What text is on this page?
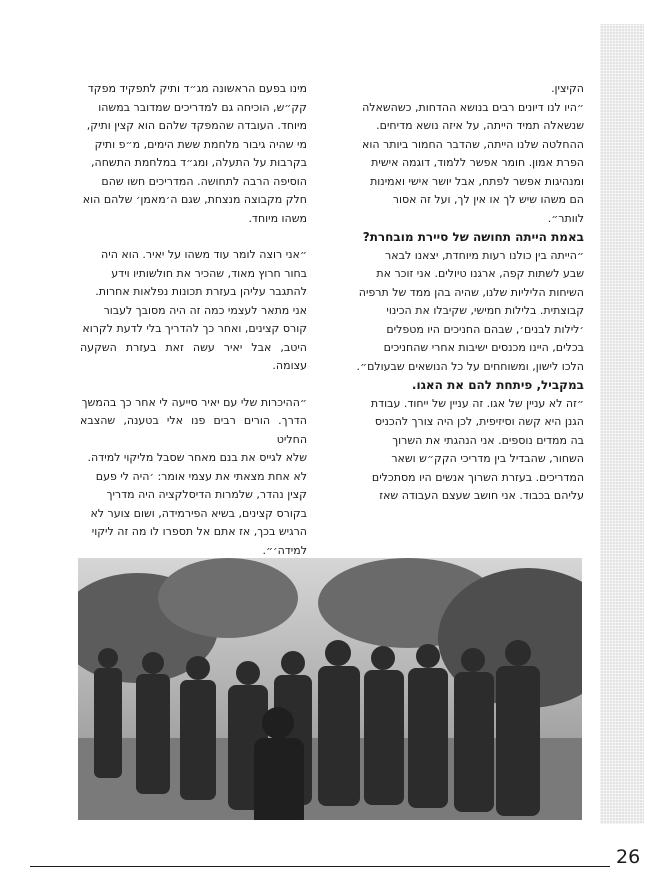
הקיצין.

״היו לנו דיונים רבים בנושא ההדחות, כשהשאלה

שנשאלה תמיד הייתה, על איזה נושא מדיחים.

ההחלטה שלנו הייתה, שהדבר החמור ביותר הוא

הפרת אמון. חומר אפשר ללמוד, דוגמה אישית

ומנהיגות אפשר לפתח, אבל יושר אישי ואמינות

הם משהו שיש לך או אין לך, ועל זה אסור

לוותר״.

באמת הייתה תחושה של סיירת מובחרת?

״הייתה בין כולנו רעות מיוחדת, יצאנו לבאר

שבע לשתות קפה, ארגנו טיולים. אני זוכר את

השיחות הליליות שלנו, שהיה בהן ממד של תרפיה

קבוצתית. בלילות חמישי, שקיבלו את הכינוי

׳לילות לבנים׳, שבהם החניכים היו מטפלים

בכלים, היינו מכנסים ישיבות אחרי שהחניכים

הלכו לישון, ומשוחחים על כל הנושאים שבעולם״.

במקביל, פיתחת להם את האגו.

״זה לא עניין של אגו. זה עניין של ייחוד. עבודת

הגנן היא קשה וסיזיפית, לכן היה צורך להכניס

בה ממדים נוספים. אני הנהגתי את השרוך

השחור, שהבדיל בין מדריכי הקק״ש ושאר

המדריכים. בעזרת השרוך אנשים היו מסתכלים

עליהם בכבוד. אני חושב שעצם העבודה שאז

מינו בפעם הראשונה מג״ד ותיק לתפקיד מפקד

קק״ש, הוכיחה גם למדריכים שמדובר במשהו

מיוחד. העובדה שהמפקד שלהם הוא קצין ותיק,

מי שהיה גיבור מלחמת ששת הימים, מ״פ ותיק

בקרבות על התעלה, ומג״ד במלחמת התשחה,

הוסיפה הרבה לתחושה. המדריכים חשו שהם

חלק מקבוצה מנצחת, שגם ה׳מאמן׳ שלהם הוא

משהו מיוחד.

״אני רוצה לומר עוד משהו על יאיר. הוא היה

בחור חרוץ מאוד, שהכיר את חולשותיו וידע

להתגבר עליהן בעזרת תכונות נפלאות אחרות.

אני מתאר לעצמי כמה זה היה מסובך לעבור

קורס קצינים, ואחר כך להדריך בלי לדעת לקרוא

היטב, אבל יאיר עשה זאת בעזרת השקעה עצומה.

״ההיכרות שלי עם יאיר סייעה לי אחר כך בהמשך

הדרך. הורים רבים פנו אלי בטענה, שהצבא החליט

שלא לגייס את בנם מאחר שסבל מליקוי למידה.

לא אחת מצאתי את עצמי אומר: ׳היה לי פעם

קצין נהדר, שלמרות הדיסלקציה היה מדריך

בקורס קצינים, בשיא הפירמידה, ושום צוער לא

הרגיש בכך, אז אתם אל תספרו לו מה זה ליקוי

למידה׳״.

26
